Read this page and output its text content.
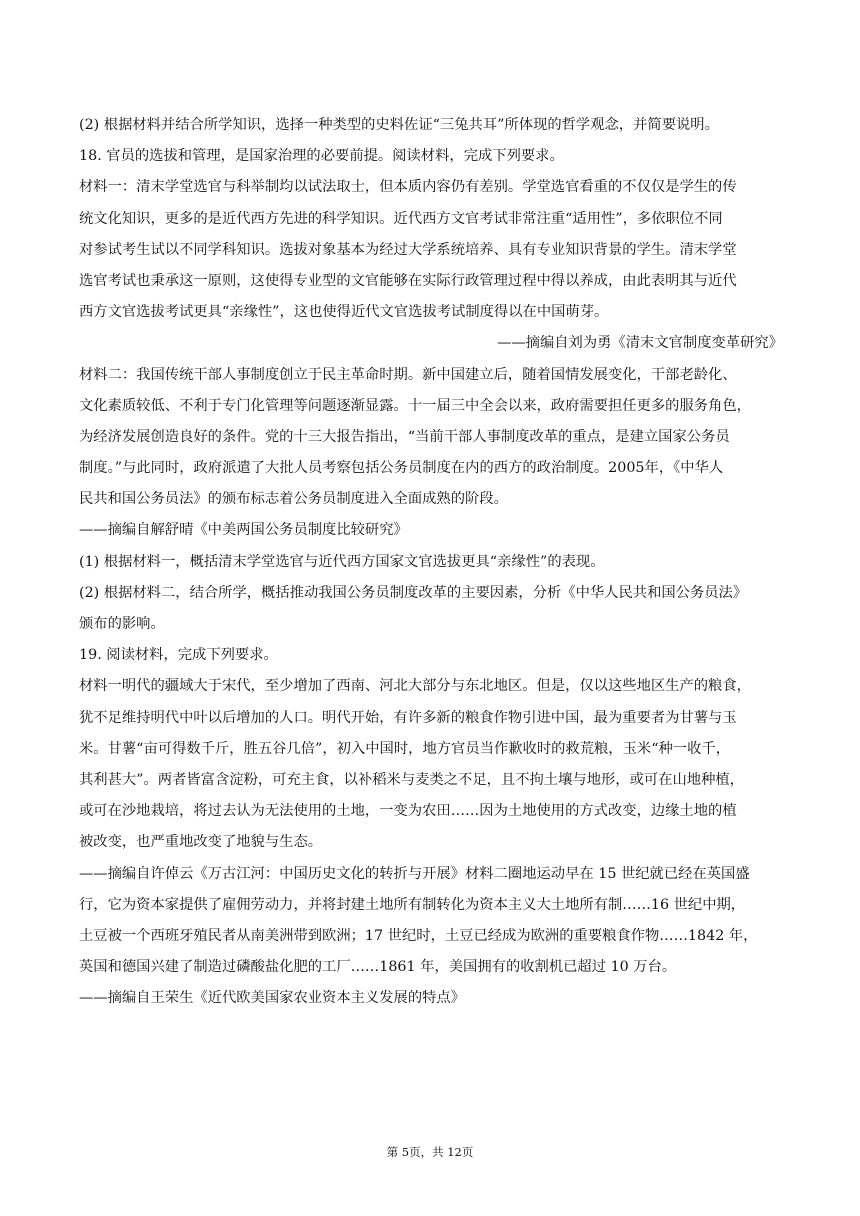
(2) 根据材料并结合所学知识，选择一种类型的史料佐证“三兔共耳”所体现的哲学观念，并简要说明。
18. 官员的选拔和管理，是国家治理的必要前提。阅读材料，完成下列要求。
材料一：清末学堂选官与科举制均以试法取士，但本质内容仍有差别。学堂选官看重的不仅仅是学生的传
统文化知识，更多的是近代西方先进的科学知识。近代西方文官考试非常注重“适用性”，多依职位不同
对参试考生试以不同学科知识。选拔对象基本为经过大学系统培养、具有专业知识背景的学生。清末学堂
选官考试也秉承这一原则，这使得专业型的文官能够在实际行政管理过程中得以养成，由此表明其与近代
西方文官选拔考试更具“亲缘性”，这也使得近代文官选拔考试制度得以在中国萌芽。
——摘编自刘为勇《清末文官制度变革研究》
材料二：我国传统干部人事制度创立于民主革命时期。新中国建立后，随着国情发展变化，干部老龄化、
文化素质较低、不利于专门化管理等问题逐渐显露。十一届三中全会以来，政府需要担任更多的服务角色，
为经济发展创造良好的条件。党的十三大报告指出，“当前干部人事制度改革的重点，是建立国家公务员
制度。”与此同时，政府派遣了大批人员考察包括公务员制度在内的西方的政治制度。2005年，《中华人
民共和国公务员法》的颁布标志着公务员制度进入全面成熟的阶段。
——摘编自解舒晴《中美两国公务员制度比较研究》
(1) 根据材料一，概括清末学堂选官与近代西方国家文官选拔更具“亲缘性”的表现。
(2) 根据材料二，结合所学，概括推动我国公务员制度改革的主要因素，分析《中华人民共和国公务员法》
颁布的影响。
19. 阅读材料，完成下列要求。
材料一明代的疆域大于宋代，至少增加了西南、河北大部分与东北地区。但是，仅以这些地区生产的粮食，
犹不足维持明代中叶以后增加的人口。明代开始，有许多新的粮食作物引进中国，最为重要者为甘薯与玉
米。甘薯“亩可得数千斤，胜五谷几倍”，初入中国时，地方官员当作歉收时的救荒粮，玉米“种一收千，
其利甚大”。两者皆富含淀粉，可充主食，以补稻米与麦类之不足，且不拘土壤与地形，或可在山地种植，
或可在沙地栽培，将过去认为无法使用的土地，一变为农田……因为土地使用的方式改变，边缘土地的植
被改变，也严重地改变了地貌与生态。
——摘编自许倬云《万古江河：中国历史文化的转折与开展》材料二圈地运动早在 15 世纪就已经在英国盛
行，它为资本家提供了雇佣劳动力，并将封建土地所有制转化为资本主义大土地所有制……16 世纪中期，
土豆被一个西班牙殖民者从南美洲带到欧洲；17 世纪时，土豆已经成为欧洲的重要粮食作物……1842 年，
英国和德国兴建了制造过磷酸盐化肥的工厂……1861 年，美国拥有的收割机已超过 10 万台。
——摘编自王荣生《近代欧美国家农业资本主义发展的特点》
第 5页，共 12页
